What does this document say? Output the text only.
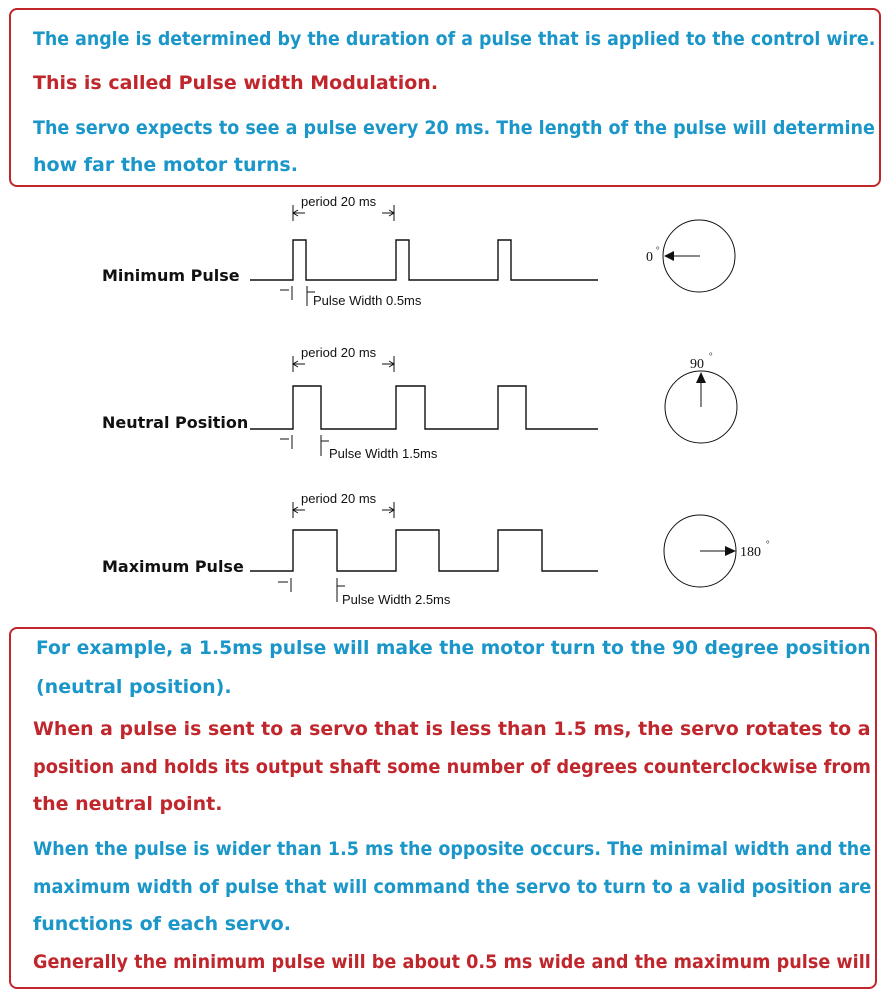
The angle is determined by the duration of a pulse that is applied to the control wire.

This is called Pulse width Modulation.

The servo expects to see a pulse every 20 ms. The length of the pulse will determine

how far the motor turns.

Minimum Pulse
period 20 ms
Pulse Width 0.5ms
0 °
Neutral Position
period 20 ms
Pulse Width 1.5ms
90
°
Maximum Pulse
period 20 ms
Pulse Width 2.5ms
180
°

For example, a 1.5ms pulse will make the motor turn to the 90 degree position

(neutral position).

When a pulse is sent to a servo that is less than 1.5 ms, the servo rotates to a

position and holds its output shaft some number of degrees counterclockwise from

the neutral point.

When the pulse is wider than 1.5 ms the opposite occurs. The minimal width and the

maximum width of pulse that will command the servo to turn to a valid position are

functions of each servo.

Generally the minimum pulse will be about 0.5 ms wide and the maximum pulse will
